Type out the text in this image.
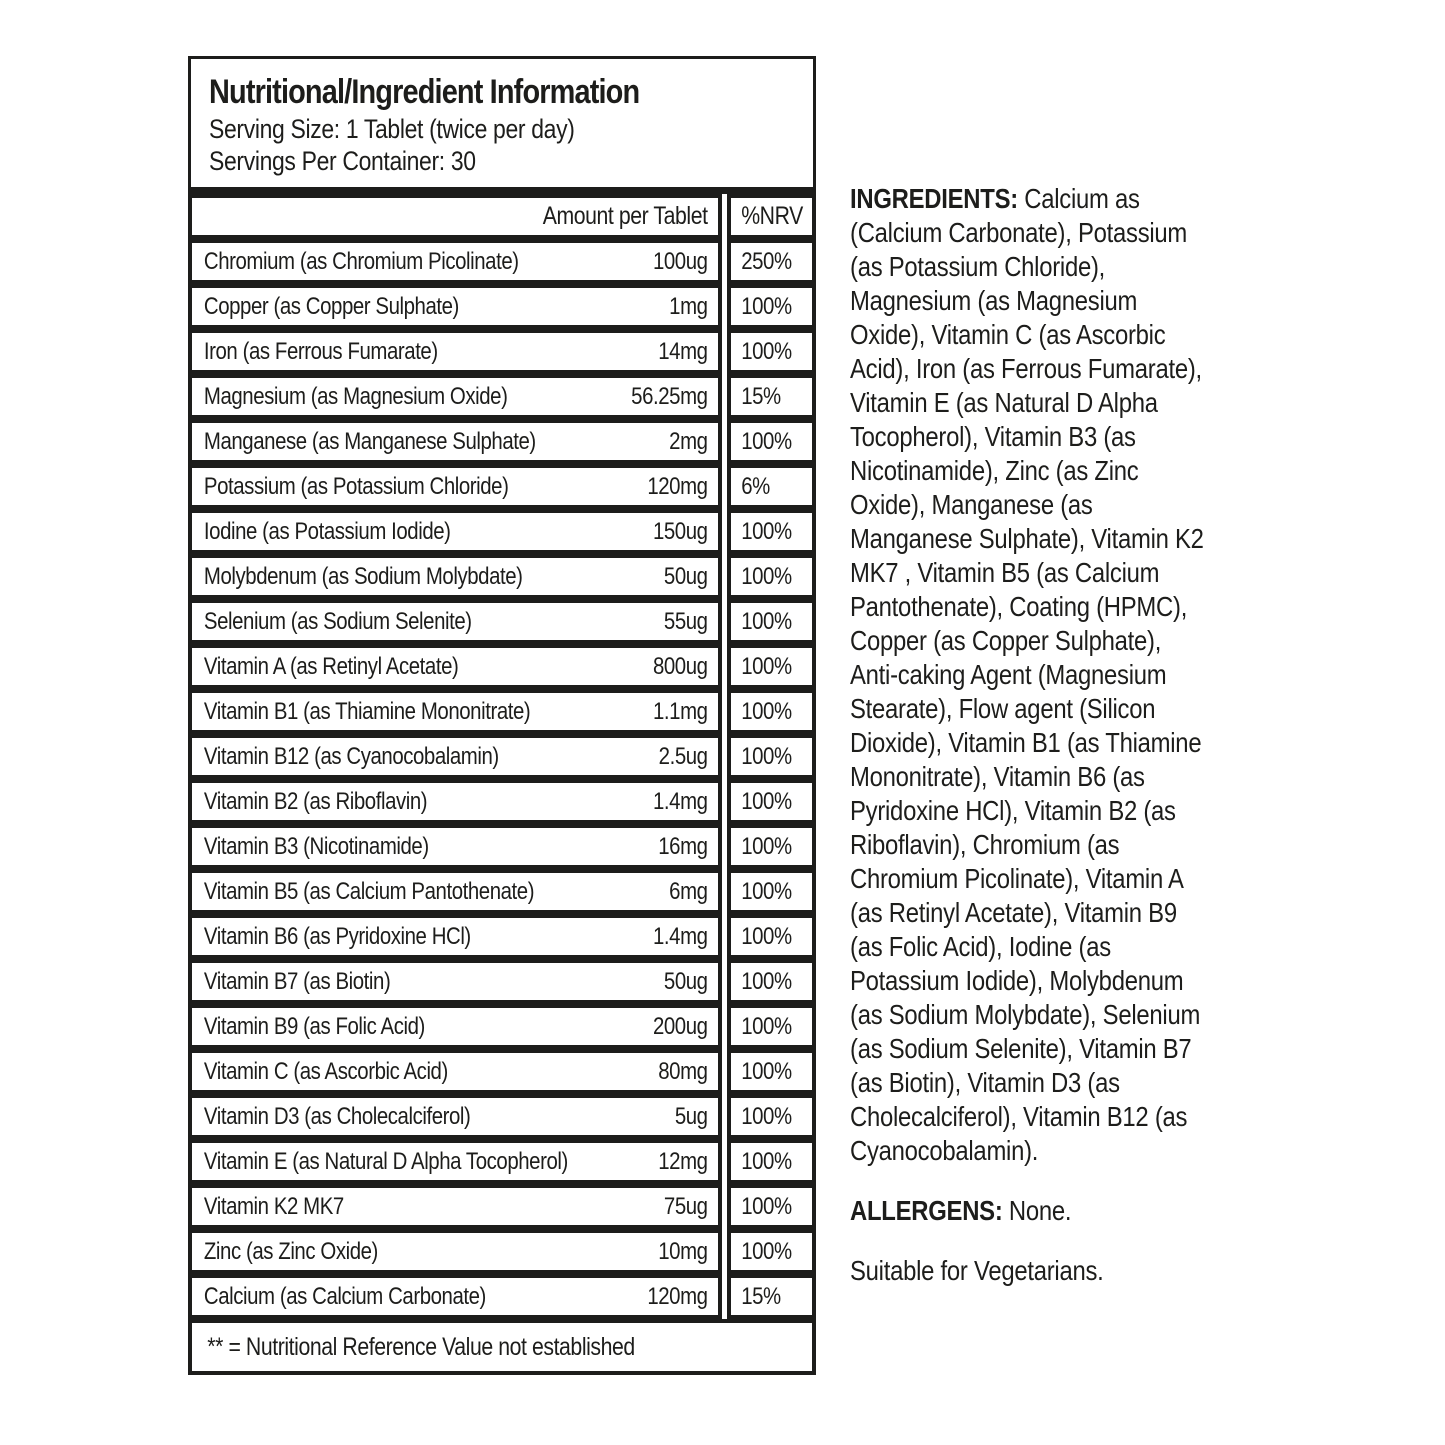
Nutritional/Ingredient Information
Serving Size: 1 Tablet (twice per day)
Servings Per Container: 30
Amount per Tablet %NRV
Chromium (as Chromium Picolinate)	100ug 250%
Copper (as Copper Sulphate)	1mg 100%
Iron (as Ferrous Fumarate)	14mg 100%
Magnesium (as Magnesium Oxide)	56.25mg 15%
Manganese (as Manganese Sulphate)	2mg 100%
Potassium (as Potassium Chloride)	120mg 6%
Iodine (as Potassium Iodide)	150ug 100%
Molybdenum (as Sodium Molybdate)	50ug 100%
Selenium (as Sodium Selenite)	55ug 100%
Vitamin A (as Retinyl Acetate)	800ug 100%
Vitamin B1 (as Thiamine Mononitrate)	1.1mg 100%
Vitamin B12 (as Cyanocobalamin)	2.5ug 100%
Vitamin B2 (as Riboflavin)	1.4mg 100%
Vitamin B3 (Nicotinamide)	16mg 100%
Vitamin B5 (as Calcium Pantothenate)	6mg 100%
Vitamin B6 (as Pyridoxine HCl)	1.4mg 100%
Vitamin B7 (as Biotin)	50ug 100%
Vitamin B9 (as Folic Acid)	200ug 100%
Vitamin C (as Ascorbic Acid)	80mg 100%
Vitamin D3 (as Cholecalciferol)	5ug 100%
Vitamin E (as Natural D Alpha Tocopherol)	12mg 100%
Vitamin K2 MK7	75ug 100%
Zinc (as Zinc Oxide)	10mg 100%
Calcium (as Calcium Carbonate)	120mg 15%
** = Nutritional Reference Value not established

INGREDIENTS: Calcium as (Calcium Carbonate), Potassium (as Potassium Chloride), Magnesium (as Magnesium Oxide), Vitamin C (as Ascorbic Acid), Iron (as Ferrous Fumarate), Vitamin E (as Natural D Alpha Tocopherol), Vitamin B3 (as Nicotinamide), Zinc (as Zinc Oxide), Manganese (as Manganese Sulphate), Vitamin K2 MK7 , Vitamin B5 (as Calcium Pantothenate), Coating (HPMC), Copper (as Copper Sulphate), Anti-caking Agent (Magnesium Stearate), Flow agent (Silicon Dioxide), Vitamin B1 (as Thiamine Mononitrate), Vitamin B6 (as Pyridoxine HCl), Vitamin B2 (as Riboflavin), Chromium (as Chromium Picolinate), Vitamin A (as Retinyl Acetate), Vitamin B9 (as Folic Acid), Iodine (as Potassium Iodide), Molybdenum (as Sodium Molybdate), Selenium (as Sodium Selenite), Vitamin B7 (as Biotin), Vitamin D3 (as Cholecalciferol), Vitamin B12 (as Cyanocobalamin).

ALLERGENS: None.

Suitable for Vegetarians.
